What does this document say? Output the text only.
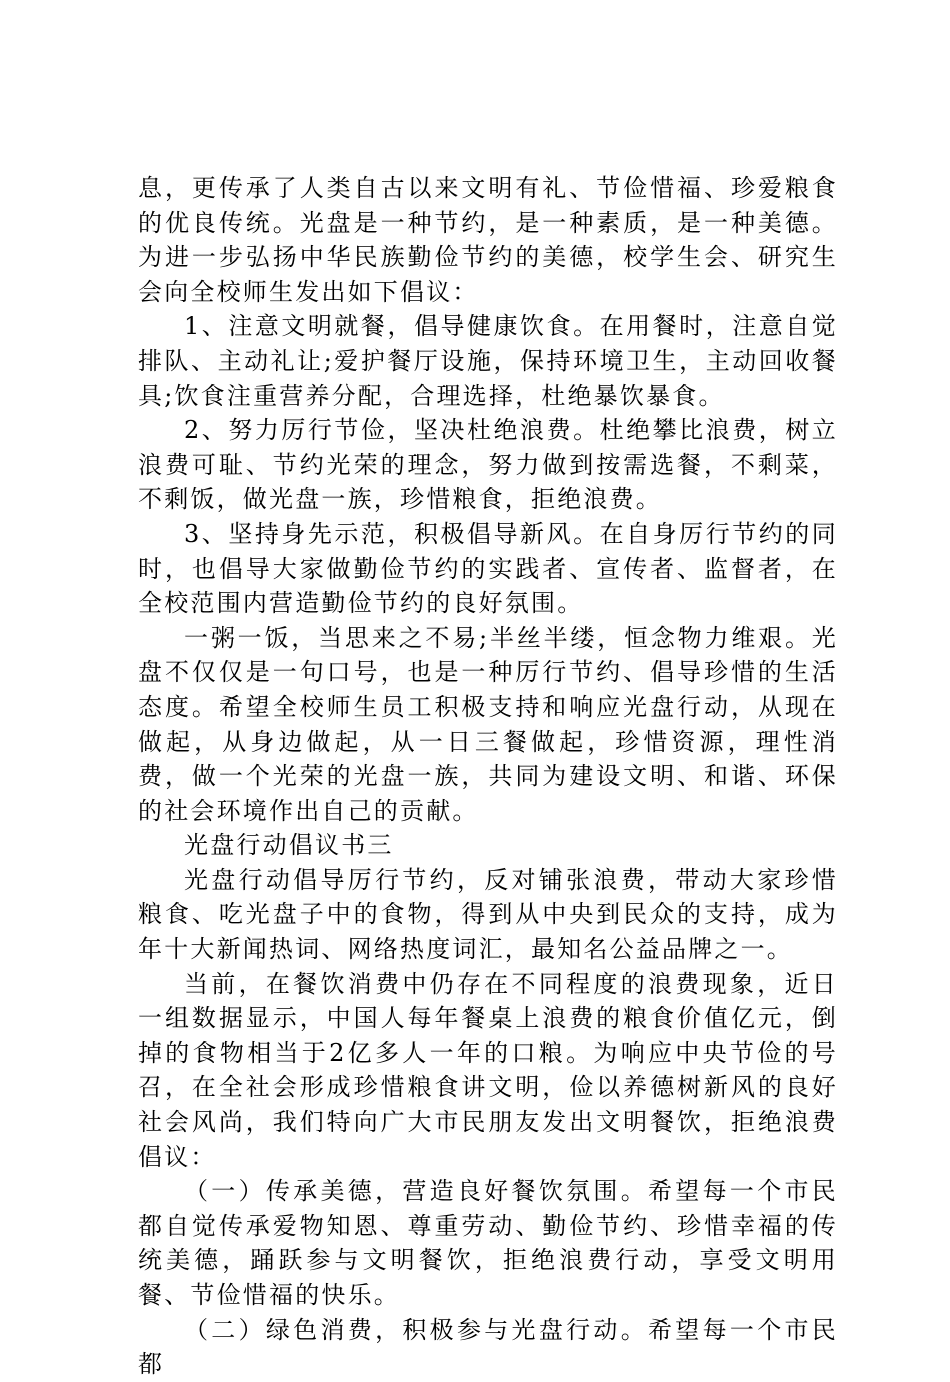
息，更传承了人类自古以来文明有礼、节俭惜福、珍爱粮食的优良传统。光盘是一种节约，是一种素质，是一种美德。为进一步弘扬中华民族勤俭节约的美德，校学生会、研究生会向全校师生发出如下倡议：

1、注意文明就餐，倡导健康饮食。在用餐时，注意自觉排队、主动礼让;爱护餐厅设施，保持环境卫生，主动回收餐具;饮食注重营养分配，合理选择，杜绝暴饮暴食。

2、努力厉行节俭，坚决杜绝浪费。杜绝攀比浪费，树立浪费可耻、节约光荣的理念，努力做到按需选餐，不剩菜，不剩饭，做光盘一族，珍惜粮食，拒绝浪费。

3、坚持身先示范，积极倡导新风。在自身厉行节约的同时，也倡导大家做勤俭节约的实践者、宣传者、监督者，在全校范围内营造勤俭节约的良好氛围。

一粥一饭，当思来之不易;半丝半缕，恒念物力维艰。光盘不仅仅是一句口号，也是一种厉行节约、倡导珍惜的生活态度。希望全校师生员工积极支持和响应光盘行动，从现在做起，从身边做起，从一日三餐做起，珍惜资源，理性消费，做一个光荣的光盘一族，共同为建设文明、和谐、环保的社会环境作出自己的贡献。

光盘行动倡议书三

光盘行动倡导厉行节约，反对铺张浪费，带动大家珍惜粮食、吃光盘子中的食物，得到从中央到民众的支持，成为年十大新闻热词、网络热度词汇，最知名公益品牌之一。

当前，在餐饮消费中仍存在不同程度的浪费现象，近日一组数据显示，中国人每年餐桌上浪费的粮食价值亿元，倒掉的食物相当于2亿多人一年的口粮。为响应中央节俭的号召，在全社会形成珍惜粮食讲文明，俭以养德树新风的良好社会风尚，我们特向广大市民朋友发出文明餐饮，拒绝浪费倡议：

（一）传承美德，营造良好餐饮氛围。希望每一个市民都自觉传承爱物知恩、尊重劳动、勤俭节约、珍惜幸福的传统美德，踊跃参与文明餐饮，拒绝浪费行动，享受文明用餐、节俭惜福的快乐。

（二）绿色消费，积极参与光盘行动。希望每一个市民都
